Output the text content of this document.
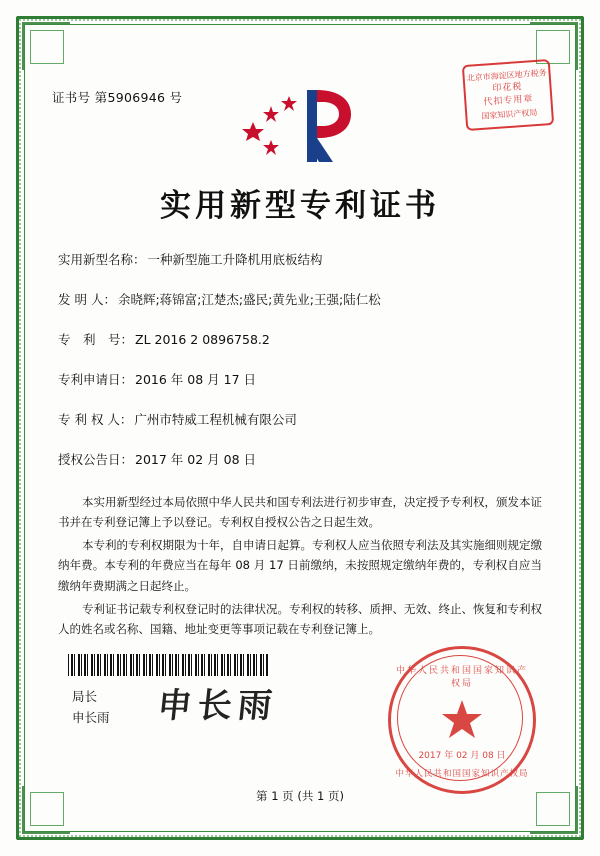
证书号 第5906946 号
北京市海淀区地方税务
印花税
代扣专用章
国家知识产权局
实用新型专利证书
实用新型名称： 一种新型施工升降机用底板结构
发 明 人： 余晓辉;蒋锦富;江楚杰;盛民;黄先业;王强;陆仁松
专　利　号： ZL 2016 2 0896758.2
专利申请日： 2016 年 08 月 17 日
专 利 权 人： 广州市特威工程机械有限公司
授权公告日： 2017 年 02 月 08 日

本实用新型经过本局依照中华人民共和国专利法进行初步审查，决定授予专利权，颁发本证书并在专利登记簿上予以登记。专利权自授权公告之日起生效。

本专利的专利权期限为十年，自申请日起算。专利权人应当依照专利法及其实施细则规定缴纳年费。本专利的年费应当在每年 08 月 17 日前缴纳，未按照规定缴纳年费的，专利权自应当缴纳年费期满之日起终止。

专利证书记载专利权登记时的法律状况。专利权的转移、质押、无效、终止、恢复和专利权人的姓名或名称、国籍、地址变更等事项记载在专利登记簿上。

局长
申长雨 申长雨
中华人民共和国国家知识产权局
2017 年 02 月 08 日
中华人民共和国国家知识产权局
第 1 页 (共 1 页)
